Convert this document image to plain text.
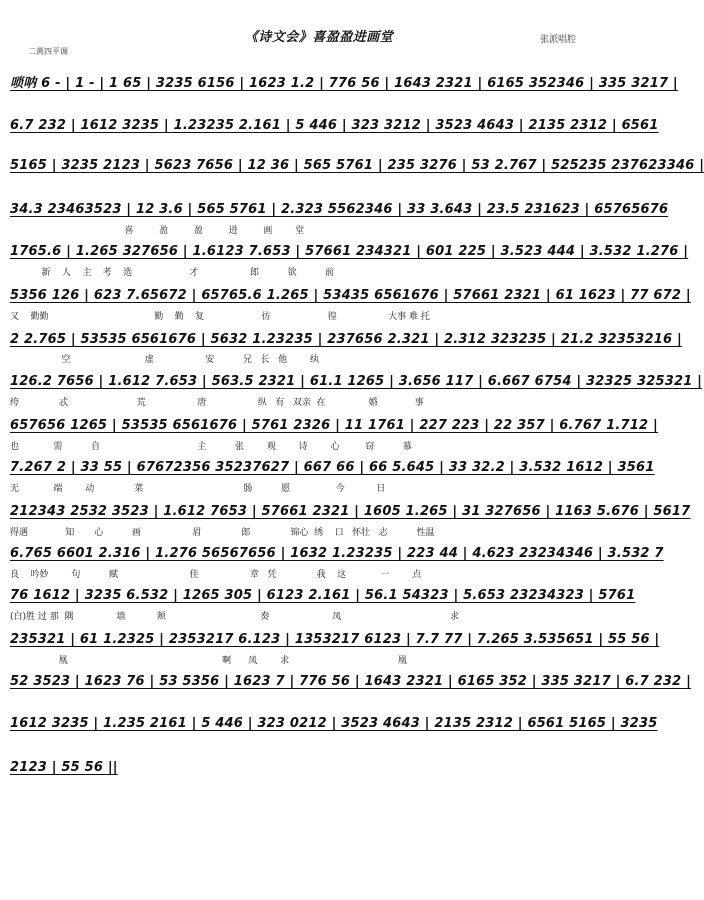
《诗文会》喜盈盈进画堂	张派唱腔
二黄四平调
唢呐 6 - | 1 - | 1 65 | 3235 6156 | 1623 1.2 | 776 56 | 1643 2321 | 6165 352346 | 335 3217 |
6.7 232 | 1612 3235 | 1.23235 2.161 | 5 446 | 323 3212 | 3523 4643 | 2135 2312 | 6561
5165 | 3235 2123 | 5623 7656 | 12 36 | 565 5761 | 235 3276 | 53 2.767 | 525235 237623346 |
34.3 23463523 | 12 3.6 | 565 5761 | 2.323 5562346 | 33 3.643 | 23.5 231623 | 65765676
喜         盈         盈         进         画        堂
1765.6 | 1.265 327656 | 1.6123 7.653 | 57661 234321 | 601 225 | 3.523 444 | 3.532 1.276 |
新    人    主    考    选                    才                  郎          欲          前
5356 126 | 623 7.65672 | 65765.6 1.265 | 53435 6561676 | 57661 2321 | 61 1623 | 77 672 |
又    勤勤                                     勤    勤    复                    彷                    徨                  大事 难 托
2 2.765 | 53535 6561676 | 5632 1.23235 | 237656 2.321 | 2.312 323235 | 21.2 32353216 |
空                          虚                  安          兄   长   他        纨
126.2 7656 | 1.612 7.653 | 563.5 2321 | 61.1 1265 | 3.656 117 | 6.667 6754 | 32325 325321 |
绔              忒                        荒                  唐                  纵   有   双亲  在               婚             事
657656 1265 | 53535 6561676 | 5761 2326 | 11 1761 | 227 223 | 22 357 | 6.767 1.712 |
也            需          自                                  主          张        观        诗        心         窃          慕
7.267 2 | 33 55 | 67672356 35237627 | 667 66 | 66 5.645 | 33 32.2 | 3.532 1612 | 3561
无            端        动              菜                                   肠          愿                今           日
212343 2532 3523 | 1.612 7653 | 57661 2321 | 1605 1.265 | 31 327656 | 1163 5.676 | 5617
得遇             知       心          画                  眉              郎              锦心  绣    口   怀壮   志          性温
6.765 6601 2.316 | 1.276 56567656 | 1632 1.23235 | 223 44 | 4.623 23234346 | 3.532 7
良    吟妙        句          赋                         佳                  章   凭              我    这            一        点
76 1612 | 3235 6.532 | 1265 305 | 6123 2.161 | 56.1 54323 | 5.653 23234323 | 5761
(白)胜 过 那  隅               墙           颊                                 奏                      凤                                      求
235321 | 61 1.2325 | 2353217 6.123 | 1353217 6123 | 7.7 77 | 7.265 3.535651 | 55 56 |
凰                                                      啊      凤        求                                      凰
52 3523 | 1623 76 | 53 5356 | 1623 7 | 776 56 | 1643 2321 | 6165 352 | 335 3217 | 6.7 232 |
1612 3235 | 1.235 2161 | 5 446 | 323 0212 | 3523 4643 | 2135 2312 | 6561 5165 | 3235
2123 | 55 56 ||
